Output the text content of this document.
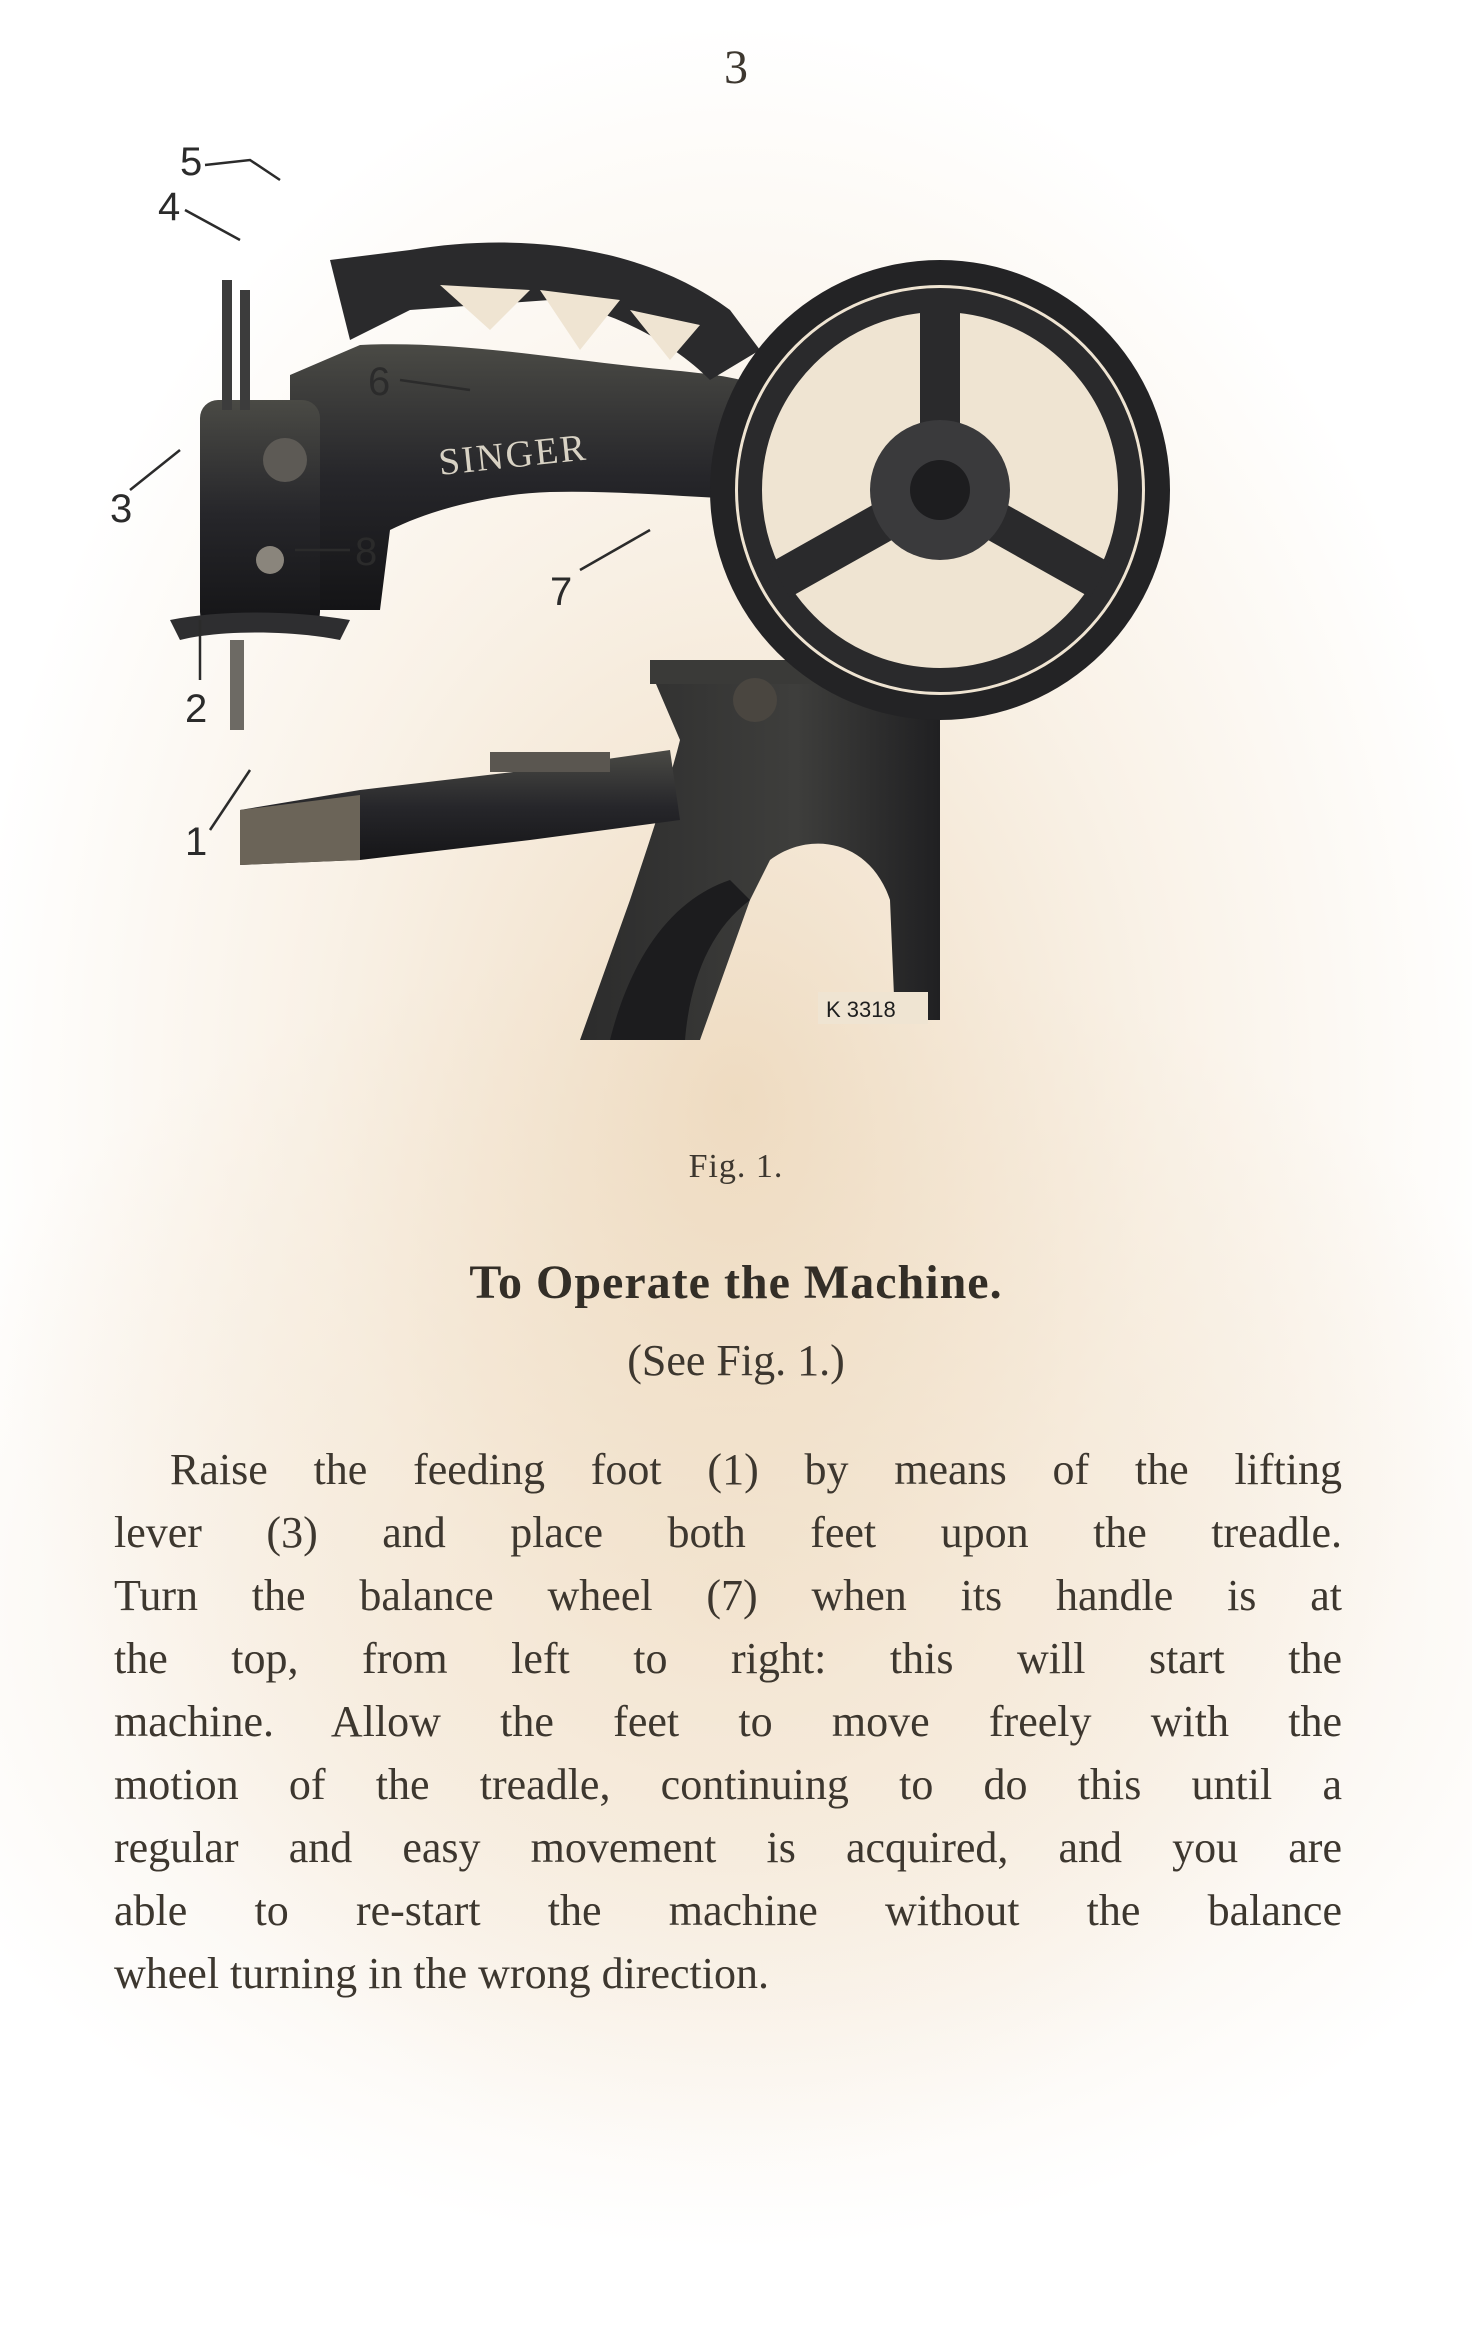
3
SINGER
K 3318
1
2
3
4
5
6
7
8
Fig. 1.
To Operate the Machine.
(See Fig. 1.)
Raise the feeding foot (1) by means of the lifting
lever (3) and place both feet upon the treadle.
Turn the balance wheel (7) when its handle is at
the top, from left to right: this will start the
machine. Allow the feet to move freely with the
motion of the treadle, continuing to do this until a
regular and easy movement is acquired, and you are
able to re-start the machine without the balance
wheel turning in the wrong direction.
